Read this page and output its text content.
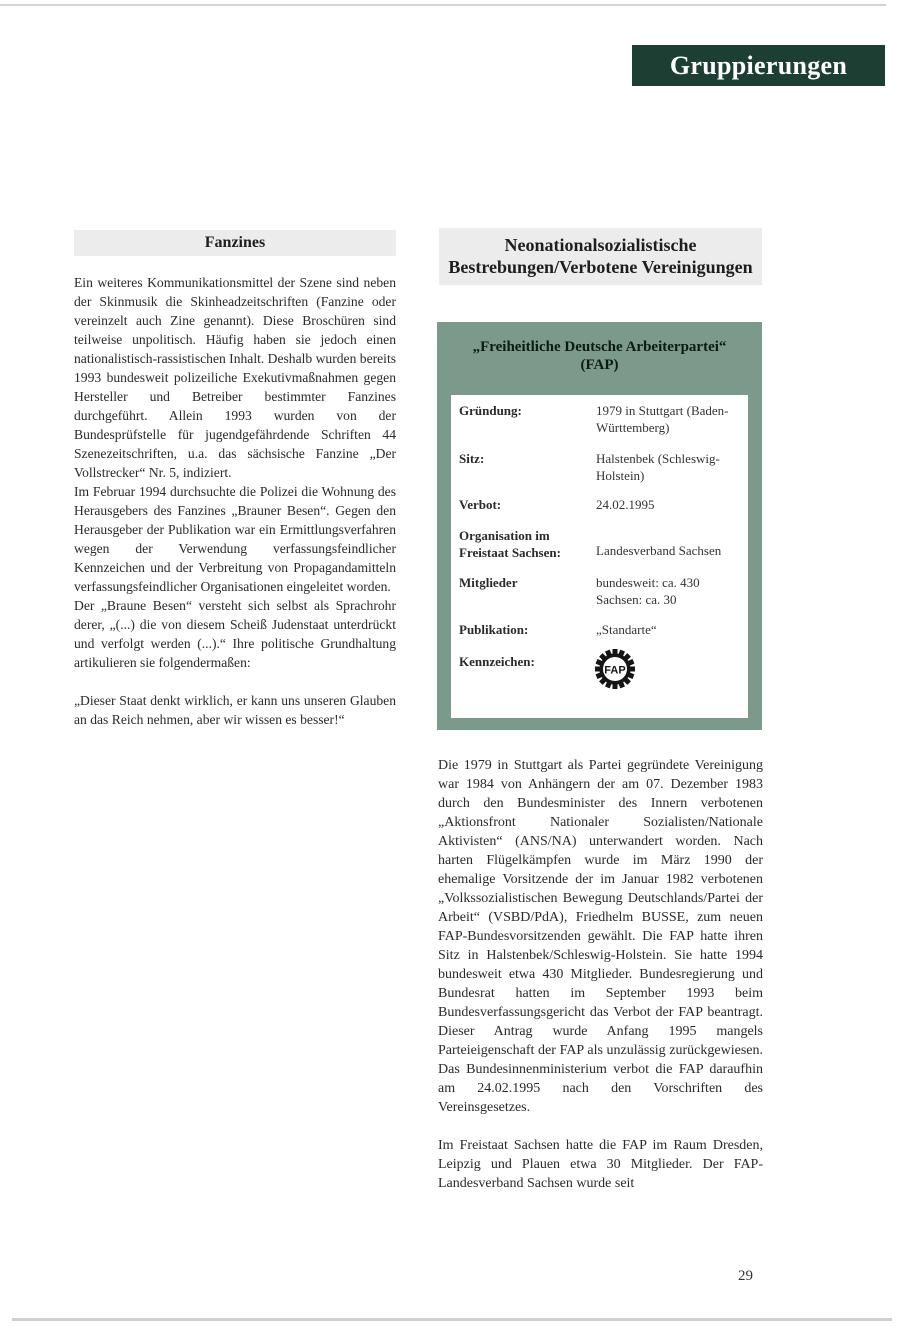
Gruppierungen
Fanzines

Ein weiteres Kommunikationsmittel der Szene sind neben der Skinmusik die Skinheadzeitschriften (Fanzine oder vereinzelt auch Zine genannt). Diese Broschüren sind teilweise unpolitisch. Häufig haben sie jedoch einen nationalistisch-rassistischen Inhalt. Deshalb wurden bereits 1993 bundesweit polizeiliche Exekutivmaßnahmen gegen Hersteller und Betreiber bestimmter Fanzines durchgeführt. Allein 1993 wurden von der Bundesprüfstelle für jugendgefährdende Schriften 44 Szenezeitschriften, u.a. das sächsische Fanzine „Der Vollstrecker“ Nr. 5, indiziert.

Im Februar 1994 durchsuchte die Polizei die Wohnung des Herausgebers des Fanzines „Brauner Besen“. Gegen den Herausgeber der Publikation war ein Ermittlungsverfahren wegen der Verwendung verfassungsfeindlicher Kennzeichen und der Verbreitung von Propagandamitteln verfassungsfeindlicher Organisationen eingeleitet worden.

Der „Braune Besen“ versteht sich selbst als Sprachrohr derer, „(...) die von diesem Scheiß Judenstaat unterdrückt und verfolgt werden (...).“ Ihre politische Grundhaltung artikulieren sie folgendermaßen:

„Dieser Staat denkt wirklich, er kann uns unseren Glauben an das Reich nehmen, aber wir wissen es besser!“

Neonationalsozialistische Bestrebungen/Verbotene Vereinigungen
„Freiheitliche Deutsche Arbeiterpartei“
(FAP)
Gründung:	1979 in Stuttgart (Baden-Württemberg)
Sitz:	Halstenbek (Schleswig-Holstein)
Verbot:	24.02.1995
Organisation im Freistaat Sachsen:	Landesverband Sachsen
Mitglieder	bundesweit: ca. 430
Sachsen: ca. 30
Publikation:	„Standarte“
Kennzeichen:
FAP

Die 1979 in Stuttgart als Partei gegründete Vereinigung war 1984 von Anhängern der am 07. Dezember 1983 durch den Bundesminister des Innern verbotenen „Aktionsfront Nationaler Sozialisten/Nationale Aktivisten“ (ANS/NA) unterwandert worden. Nach harten Flügelkämpfen wurde im März 1990 der ehemalige Vorsitzende der im Januar 1982 verbotenen „Volkssozialistischen Bewegung Deutschlands/Partei der Arbeit“ (VSBD/PdA), Friedhelm BUSSE, zum neuen FAP-Bundesvorsitzenden gewählt. Die FAP hatte ihren Sitz in Halstenbek/Schleswig-Holstein. Sie hatte 1994 bundesweit etwa 430 Mitglieder. Bundesregierung und Bundesrat hatten im September 1993 beim Bundesverfassungsgericht das Verbot der FAP beantragt. Dieser Antrag wurde Anfang 1995 mangels Parteieigenschaft der FAP als unzulässig zurückgewiesen. Das Bundesinnenministerium verbot die FAP daraufhin am 24.02.1995 nach den Vorschriften des Vereinsgesetzes.

Im Freistaat Sachsen hatte die FAP im Raum Dresden, Leipzig und Plauen etwa 30 Mitglieder. Der FAP-Landesverband Sachsen wurde seit

29
